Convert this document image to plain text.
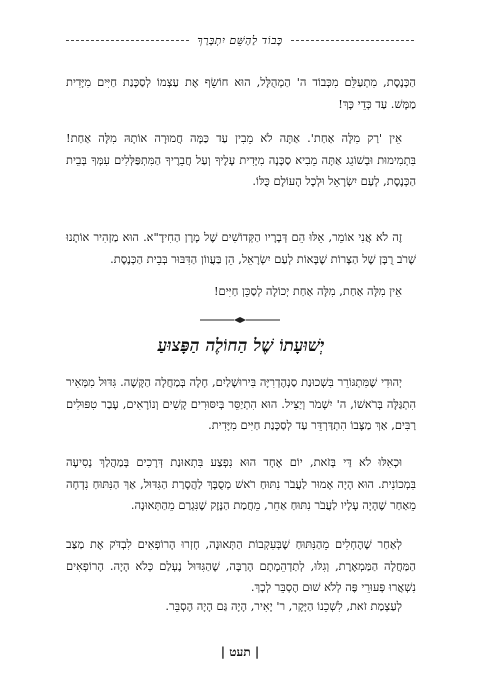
כָּבוֹד לַהַשֵּׁם יִתְבָּרַךְ

הַכְּנֶסֶת, מִתְעַלֵּם מִכְּבוֹד ה' הַמְהֻלָּל, הוּא חוֹשֵׂף אֶת עַצְמוֹ לְסַכָּנַת חַיִּים מִיָּדִית מַמָּשׁ. עַד כְּדֵי כָּךְ!

אֵין 'רַק מִלָּה אַחַת'. אַתָּה לֹא מֵבִין עַד כַּמָּה חֲמוּרָה אוֹתָהּ מִלָּה אַחַת! בִּתְמִימוּת וּבְשׁוֹגֵג אַתָּה מֵבִיא סַכָּנָה מִיָּדִית עָלֶיךָ וְעַל חֲבֵרֶיךָ הַמִּתְפַּלְּלִים עִמְּךָ בְּבֵית הַכְּנֶסֶת, לְעַם יִשְׂרָאֵל וּלְכָל הָעוֹלָם כֻּלּוֹ.

זֶה לֹא אֲנִי אוֹמֵר, אֵלּוּ הֵם דְּבָרָיו הַקְּדוֹשִׁים שֶׁל מָרָן הַחִידָ"א. הוּא מַזְהִיר אוֹתָנוּ שֶׁרֹב רֻבָּן שֶׁל הַצָּרוֹת שֶׁבָּאוֹת לְעַם יִשְׂרָאֵל, הֵן בַּעֲווֹן הַדִּבּוּר בְּבֵית הַכְּנֶסֶת.

אֵין מִלָּה אַחַת, מִלָּה אַחַת יְכוֹלָה לְסַכֵּן חַיִּים!

יְשׁוּעָתוֹ שֶׁל הַחוֹלֶה הַפָּצוּעַ

יְהוּדִי שֶׁמִּתְגּוֹרֵר בִּשְׁכוּנַת סַנְהֶדְרִיָּה בִּירוּשָׁלַיִם, חָלָה בְּמַחֲלָה הַקָּשָׁה. גִּדּוּל מִמְּאִיר הִתְגַּלָּה בְּרֹאשׁוֹ, ה' יִשְׁמֹר וְיַצִּיל. הוּא הִתְיַסֵּר בְּיִסּוּרִים קָשִׁים וְנוֹרָאִים, עָבַר טִפּוּלִים רַבִּים, אַךְ מַצָּבוֹ הִתְדַּרְדֵּר עַד לְסַכָּנַת חַיִּים מִיָּדִית.

וּכְאִלּוּ לֹא דַּי בְּזֹאת, יוֹם אֶחָד הוּא נִפְצַע בִּתְאוּנַת דְּרָכִים בְּמַהֲלַךְ נְסִיעָה בִּמְכוֹנִית. הוּא הָיָה אָמוּר לַעֲבֹר נִתּוּחַ רֹאשׁ מְסֻבָּךְ לַהֲסָרַת הַגִּדּוּל, אַךְ הַנִּתּוּחַ נִדְחָה מֵאַחַר שֶׁהָיָה עָלָיו לַעֲבֹר נִתּוּחַ אַחֵר, מֵחֲמַת הַנֶּזֶק שֶׁנִּגְרַם מֵהַתְּאוּנָה.

לְאַחַר שֶׁהֶחְלִים מֵהַנִּתּוּחַ שֶׁבְּעִקְבוֹת הַתְּאוּנָה, חָזְרוּ הָרוֹפְאִים לִבְדֹּק אֶת מַצַּב הַמַּחֲלָה הַמַּמְאֶרֶת, וְגִלּוּ, לְתַדְהֵמָתָם הָרַבָּה, שֶׁהַגִּדּוּל נֶעְלַם כְּלֹא הָיָה. הָרוֹפְאִים נִשְׁאֲרוּ פְּעוּרֵי פֶּה לְלֹא שׁוּם הֶסְבֵּר לְכָךְ.

לְעַצְמַת זֹאת, לִשְׁכֵנוֹ הַיָּקָר, ר' יָאִיר, הָיָה גַּם הָיָה הֶסְבֵּר.

| תעט |
